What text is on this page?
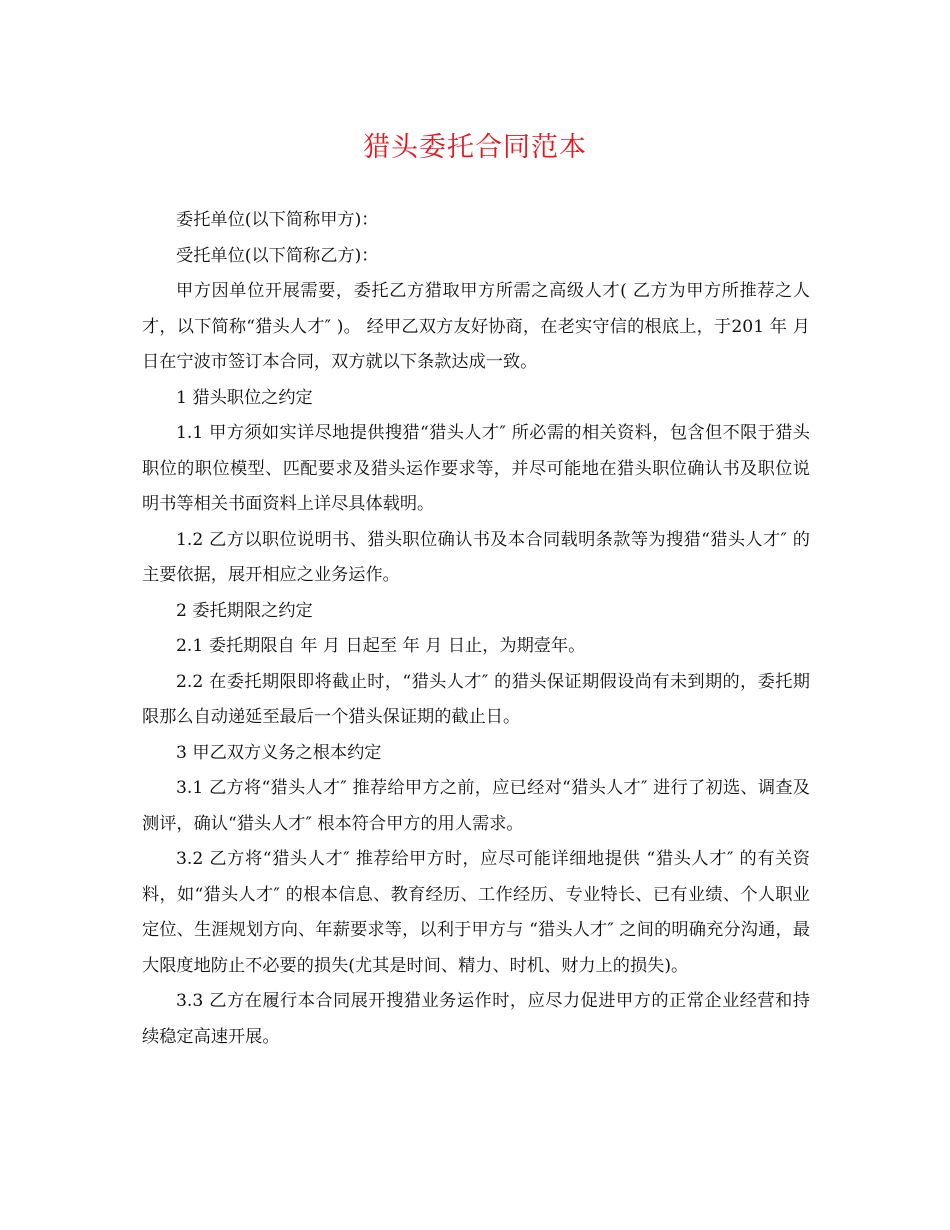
猎头委托合同范本

委托单位(以下简称甲方)：

受托单位(以下简称乙方)：

甲方因单位开展需要，委托乙方猎取甲方所需之高级人才( 乙方为甲方所推荐之人才，以下简称“猎头人才″ )。 经甲乙双方友好协商，在老实守信的根底上，于201 年 月 日在宁波市签订本合同，双方就以下条款达成一致。

1 猎头职位之约定

1.1 甲方须如实详尽地提供搜猎“猎头人才″ 所必需的相关资料，包含但不限于猎头职位的职位模型、匹配要求及猎头运作要求等，并尽可能地在猎头职位确认书及职位说明书等相关书面资料上详尽具体载明。

1.2 乙方以职位说明书、猎头职位确认书及本合同载明条款等为搜猎“猎头人才″ 的主要依据，展开相应之业务运作。

2 委托期限之约定

2.1 委托期限自 年 月 日起至 年 月 日止，为期壹年。

2.2 在委托期限即将截止时，“猎头人才″ 的猎头保证期假设尚有未到期的，委托期限那么自动递延至最后一个猎头保证期的截止日。

3 甲乙双方义务之根本约定

3.1 乙方将“猎头人才″ 推荐给甲方之前，应已经对“猎头人才″ 进行了初选、调查及测评，确认“猎头人才″ 根本符合甲方的用人需求。

3.2 乙方将“猎头人才″ 推荐给甲方时，应尽可能详细地提供 “猎头人才″ 的有关资料，如“猎头人才″ 的根本信息、教育经历、工作经历、专业特长、已有业绩、个人职业定位、生涯规划方向、年薪要求等，以利于甲方与 “猎头人才″ 之间的明确充分沟通，最大限度地防止不必要的损失(尤其是时间、精力、时机、财力上的损失)。

3.3 乙方在履行本合同展开搜猎业务运作时，应尽力促进甲方的正常企业经营和持续稳定高速开展。
